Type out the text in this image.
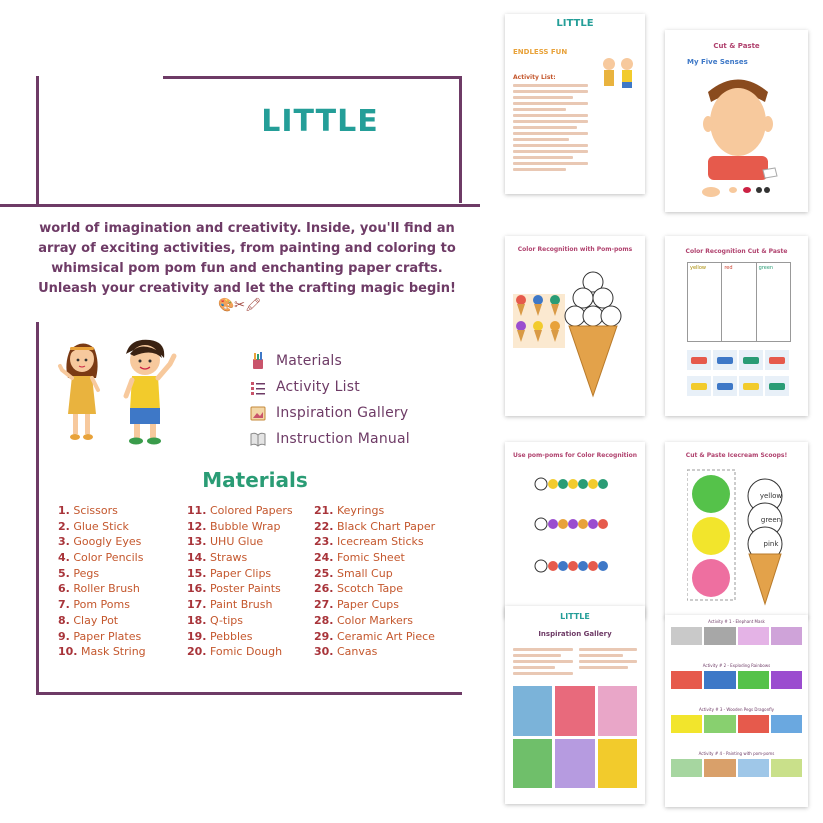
LITTLE
world of imagination and creativity. Inside, you'll find an array of exciting activities, from painting and coloring to whimsical pom pom fun and enchanting paper crafts. Unleash your creativity and let the crafting magic begin!
🎨✂🖍
Materials
Activity List
Inspiration Gallery
Instruction Manual
Materials
1. Scissors
2. Glue Stick
3. Googly Eyes
4. Color Pencils
5. Pegs
6. Roller Brush
7. Pom Poms
8. Clay Pot
9. Paper Plates
10. Mask String
11. Colored Papers
12. Bubble Wrap
13. UHU Glue
14. Straws
15. Paper Clips
16. Poster Paints
17. Paint Brush
18. Q-tips
19. Pebbles
20. Fomic Dough
21. Keyrings
22. Black Chart Paper
23. Icecream Sticks
24. Fomic Sheet
25. Small Cup
26. Scotch Tape
27. Paper Cups
28. Color Markers
29. Ceramic Art Piece
30. Canvas
LITTLE
ENDLESS FUN
Activity List:
Cut & Paste
My Five Senses
Color Recognition with Pom-poms	Color Recognition Cut & Paste
yellow	red	green
Use pom-poms for Color Recognition	Cut & Paste Icecream Scoops!
yellow
green
pink
LITTLE
Inspiration Gallery
Activity # 1 - Elephant Mask
Activity # 2 - Exploding Rainbows
Activity # 3 - Wooden Pegs Dragonfly
Activity # 4 - Painting with pom-poms
